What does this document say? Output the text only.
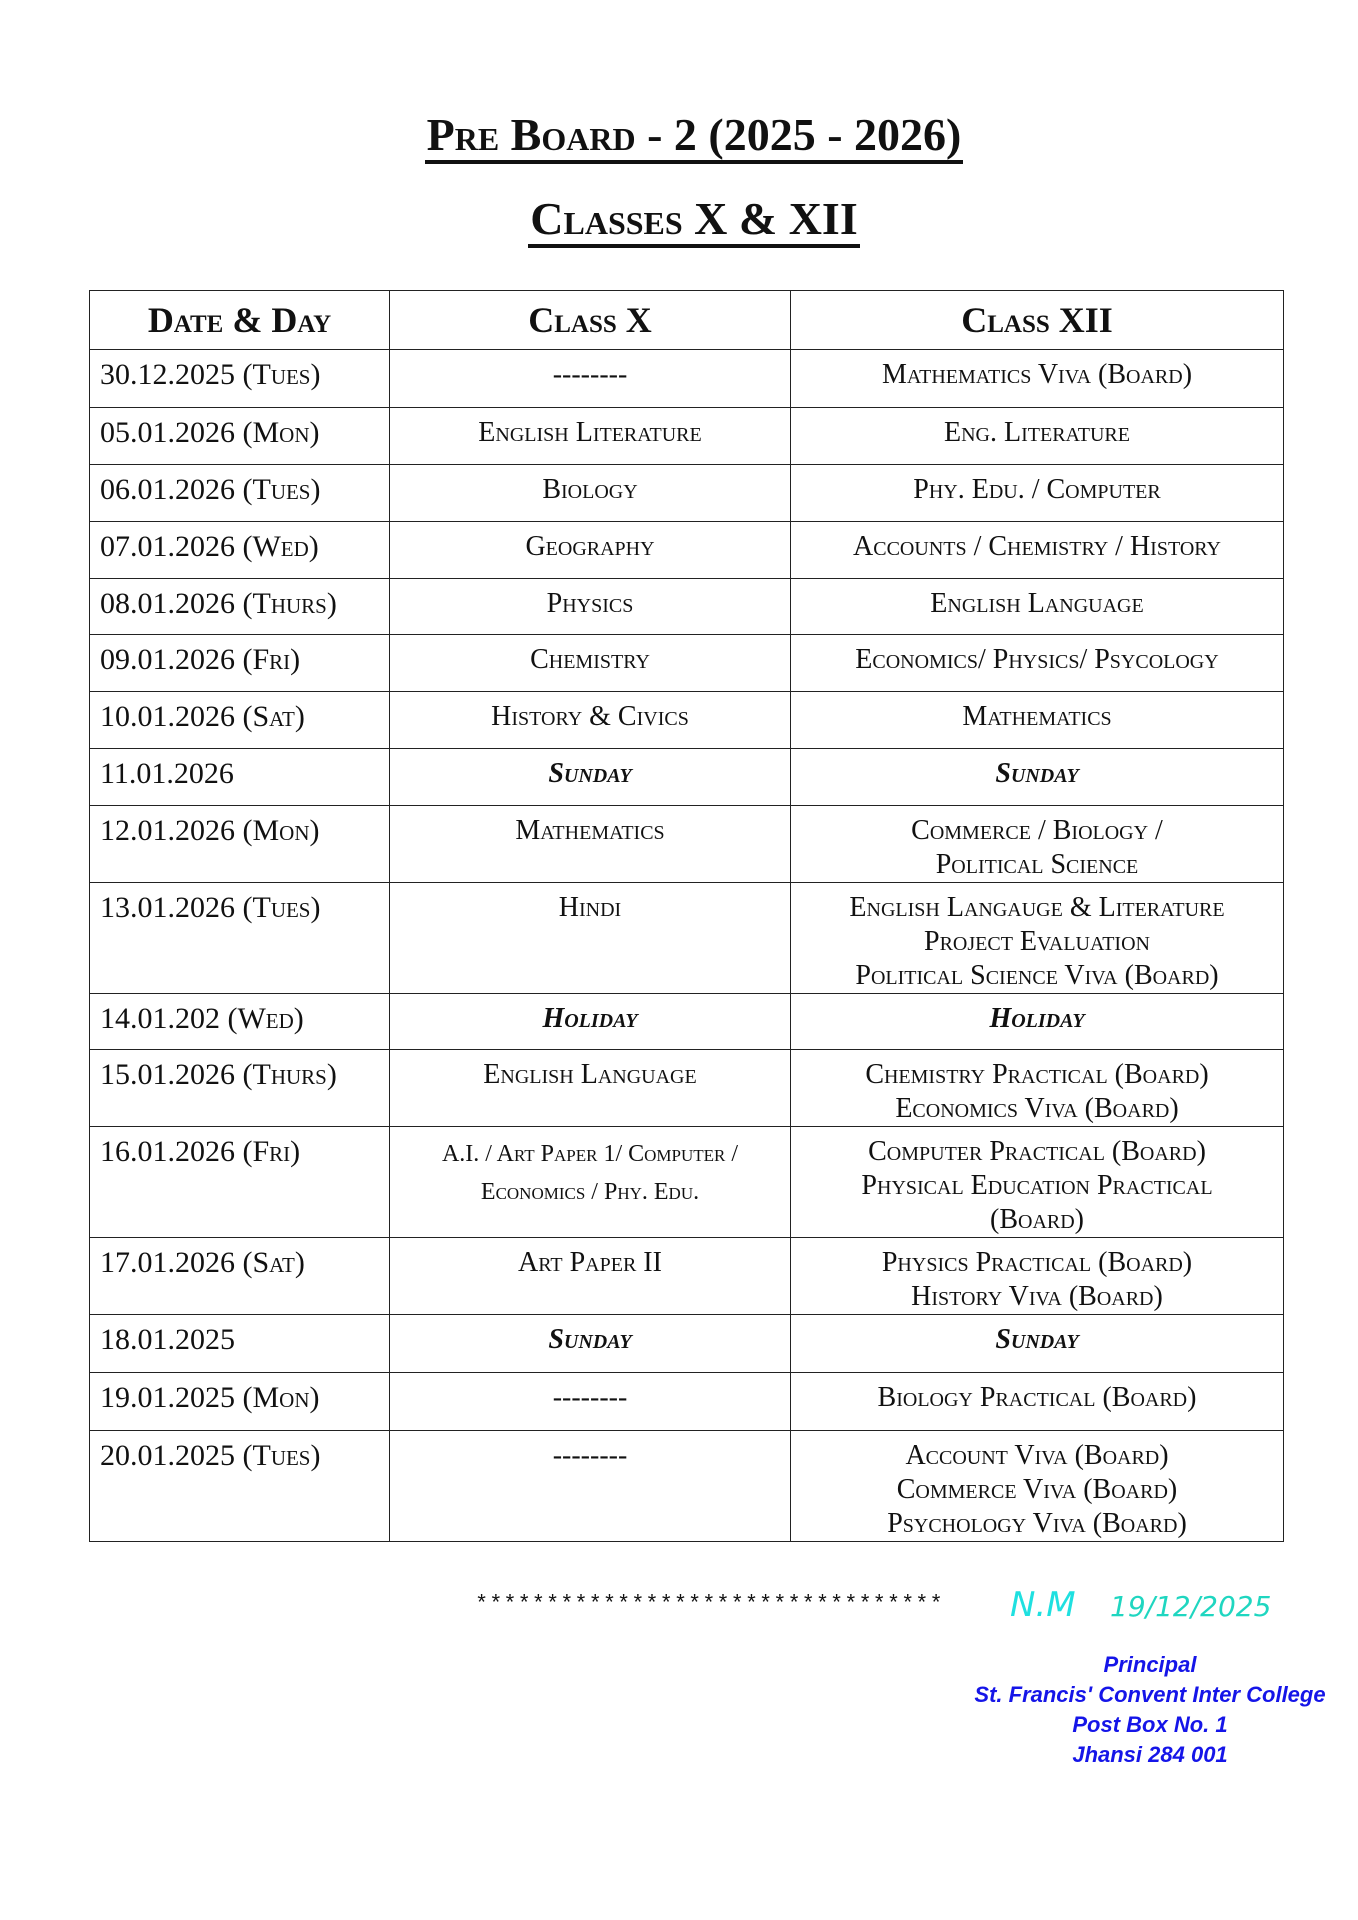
Pre Board - 2 (2025 - 2026)
Classes X & XII
Date & Day	Class X	Class XII
30.12.2025 (Tues)	--------	Mathematics Viva (Board)

05.01.2026 (Mon)	English Literature	Eng. Literature

06.01.2026 (Tues)	Biology	Phy. Edu. / Computer

07.01.2026 (Wed)	Geography	Accounts / Chemistry / History

08.01.2026 (Thurs)	Physics	English Language

09.01.2026 (Fri)	Chemistry	Economics/ Physics/ Psycology

10.01.2026 (Sat)	History & Civics	Mathematics

11.01.2026	Sunday	Sunday

12.01.2026 (Mon)	Mathematics	Commerce / Biology /
Political Science

13.01.2026 (Tues)	Hindi	English Langauge & Literature
Project Evaluation
Political Science Viva (Board)

14.01.202 (Wed)	Holiday	Holiday

15.01.2026 (Thurs)	English Language	Chemistry Practical (Board)
Economics Viva (Board)

16.01.2026 (Fri)	A.I. / Art Paper 1/ Computer /
Economics / Phy. Edu.	Computer Practical (Board)
Physical Education Practical
(Board)

17.01.2026 (Sat)	Art Paper II	Physics Practical (Board)
History Viva (Board)

18.01.2025	Sunday	Sunday

19.01.2025 (Mon)	--------	Biology Practical (Board)

20.01.2025 (Tues)	--------	Account Viva (Board)
Commerce Viva (Board)
Psychology Viva (Board)
********************************* N.M 19/12/2025
Principal
St. Francis' Convent Inter College
Post Box No. 1
Jhansi 284 001
